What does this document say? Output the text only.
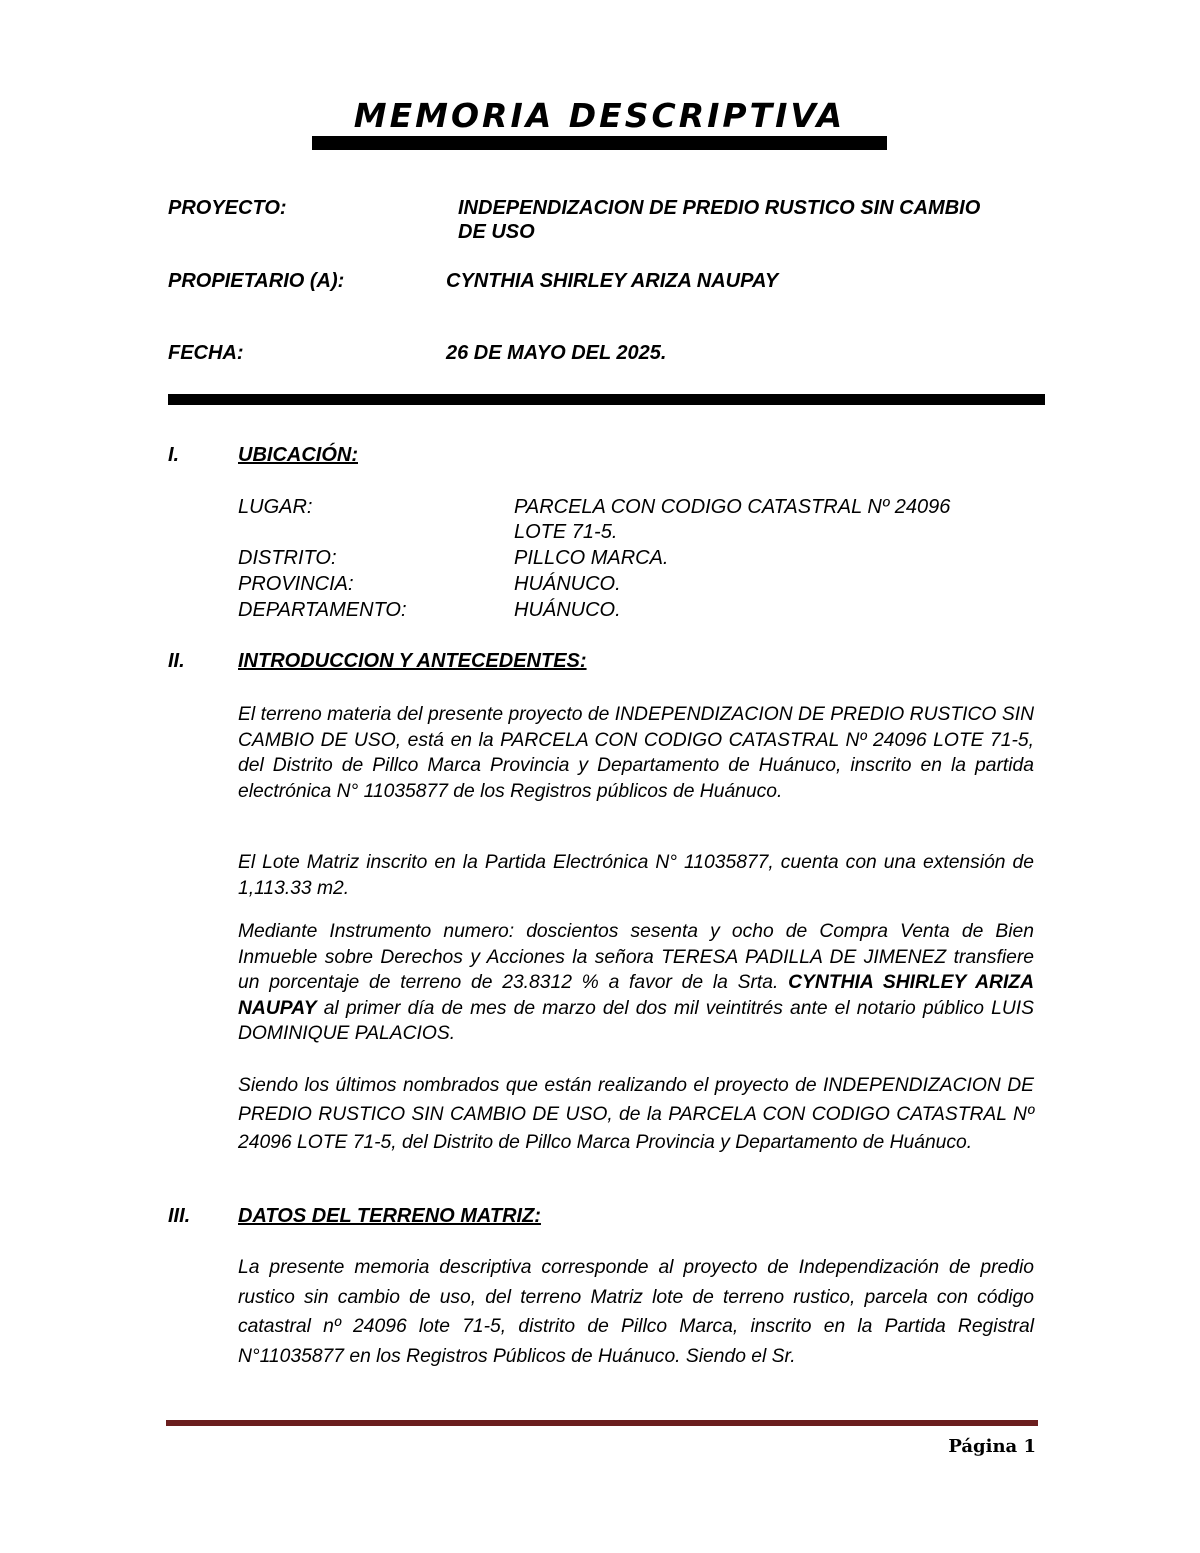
MEMORIA DESCRIPTIVA
PROYECTO:	INDEPENDIZACION DE PREDIO RUSTICO SIN CAMBIO
DE USO
PROPIETARIO (A):	CYNTHIA SHIRLEY ARIZA NAUPAY
FECHA:	26 DE MAYO DEL 2025.
I.	UBICACIÓN:
LUGAR:	PARCELA CON CODIGO CATASTRAL Nº 24096
LOTE 71-5.
DISTRITO:	PILLCO MARCA.
PROVINCIA:	HUÁNUCO.
DEPARTAMENTO:	HUÁNUCO.
II.	INTRODUCCION Y ANTECEDENTES:
El terreno materia del presente proyecto de INDEPENDIZACION DE PREDIO RUSTICO SIN CAMBIO DE USO, está en la PARCELA CON CODIGO CATASTRAL Nº 24096 LOTE 71-5, del Distrito de Pillco Marca Provincia y Departamento de Huánuco, inscrito en la partida electrónica N° 11035877 de los Registros públicos de Huánuco.
El Lote Matriz inscrito en la Partida Electrónica N° 11035877, cuenta con una extensión de 1,113.33 m2.
Mediante Instrumento numero: doscientos sesenta y ocho de Compra Venta de Bien Inmueble sobre Derechos y Acciones la señora TERESA PADILLA DE JIMENEZ transfiere un porcentaje de terreno de 23.8312 % a favor de la Srta. CYNTHIA SHIRLEY ARIZA NAUPAY al primer día de mes de marzo del dos mil veintitrés ante el notario público LUIS DOMINIQUE PALACIOS.
Siendo los últimos nombrados que están realizando el proyecto de INDEPENDIZACION DE PREDIO RUSTICO SIN CAMBIO DE USO, de la PARCELA CON CODIGO CATASTRAL Nº 24096 LOTE 71-5, del Distrito de Pillco Marca Provincia y Departamento de Huánuco.
III. DATOS DEL TERRENO MATRIZ:
La presente memoria descriptiva corresponde al proyecto de Independización de predio rustico sin cambio de uso, del terreno Matriz lote de terreno rustico, parcela con código catastral nº 24096 lote 71-5, distrito de Pillco Marca, inscrito en la Partida Registral N°11035877 en los Registros Públicos de Huánuco. Siendo el Sr.
Página 1
